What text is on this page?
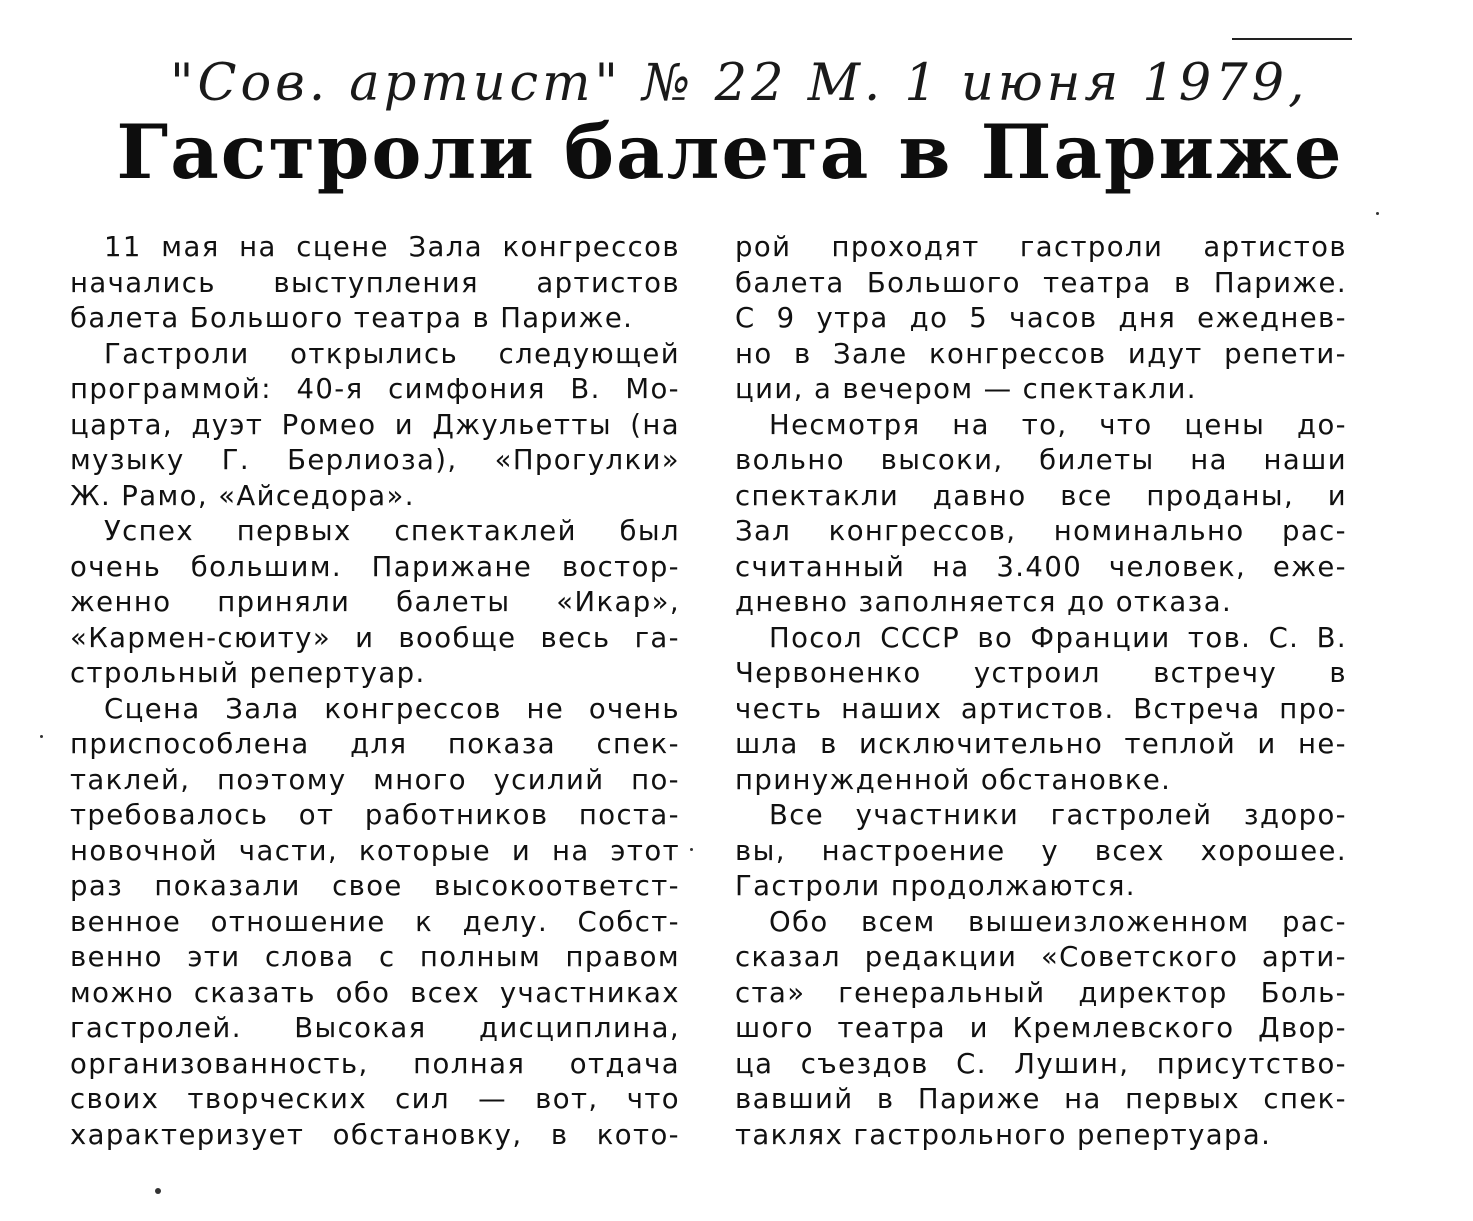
"Сов. артист" № 22 М. 1 июня 1979,
Гастроли балета в Париже
11 мая на сцене Зала конгрессов
начались выступления артистов
балета Большого театра в Париже.
Гастроли открылись следующей
программой: 40-я симфония В. Мо-
царта, дуэт Ромео и Джульетты (на
музыку Г. Берлиоза), «Прогулки»
Ж. Рамо, «Айседора».
Успех первых спектаклей был
очень большим. Парижане востор-
женно приняли балеты «Икар»,
«Кармен-сюиту» и вообще весь га-
строльный репертуар.
Сцена Зала конгрессов не очень
приспособлена для показа спек-
таклей, поэтому много усилий по-
требовалось от работников поста-
новочной части, которые и на этот
раз показали свое высокоответст-
венное отношение к делу. Собст-
венно эти слова с полным правом
можно сказать обо всех участниках
гастролей. Высокая дисциплина,
организованность, полная отдача
своих творческих сил — вот, что
характеризует обстановку, в кото-
рой проходят гастроли артистов
балета Большого театра в Париже.
С 9 утра до 5 часов дня ежеднев-
но в Зале конгрессов идут репети-
ции, а вечером — спектакли.
Несмотря на то, что цены до-
вольно высоки, билеты на наши
спектакли давно все проданы, и
Зал конгрессов, номинально рас-
считанный на 3.400 человек, еже-
дневно заполняется до отказа.
Посол СССР во Франции тов. С. В.
Червоненко устроил встречу в
честь наших артистов. Встреча про-
шла в исключительно теплой и не-
принужденной обстановке.
Все участники гастролей здоро-
вы, настроение у всех хорошее.
Гастроли продолжаются.
Обо всем вышеизложенном рас-
сказал редакции «Советского арти-
ста» генеральный директор Боль-
шого театра и Кремлевского Двор-
ца съездов С. Лушин, присутство-
вавший в Париже на первых спек-
таклях гастрольного репертуара.
